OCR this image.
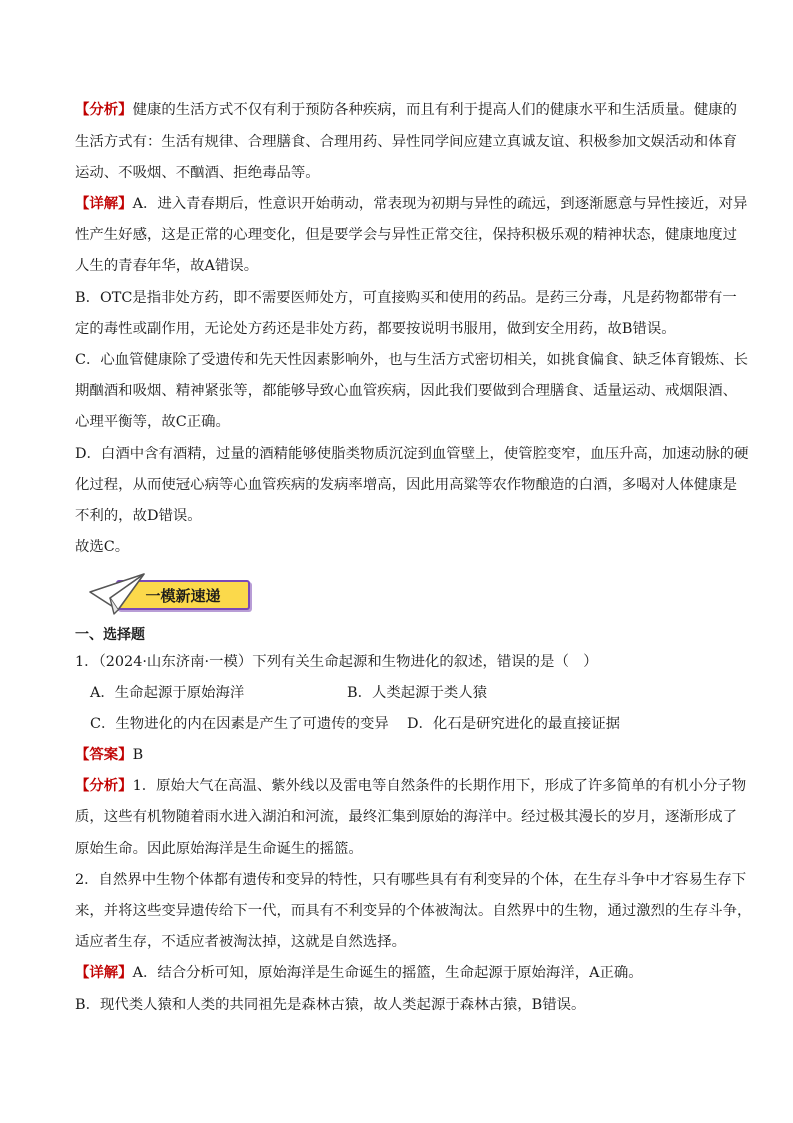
【分析】健康的生活方式不仅有利于预防各种疾病，而且有利于提高人们的健康水平和生活质量。健康的
生活方式有：生活有规律、合理膳食、合理用药、异性同学间应建立真诚友谊、积极参加文娱活动和体育
运动、不吸烟、不酗酒、拒绝毒品等。
【详解】A．进入青春期后，性意识开始萌动，常表现为初期与异性的疏远，到逐渐愿意与异性接近，对异
性产生好感，这是正常的心理变化，但是要学会与异性正常交往，保持积极乐观的精神状态，健康地度过
人生的青春年华，故A错误。
B．OTC是指非处方药，即不需要医师处方，可直接购买和使用的药品。是药三分毒，凡是药物都带有一
定的毒性或副作用，无论处方药还是非处方药，都要按说明书服用，做到安全用药，故B错误。
C．心血管健康除了受遗传和先天性因素影响外，也与生活方式密切相关，如挑食偏食、缺乏体育锻炼、长
期酗酒和吸烟、精神紧张等，都能够导致心血管疾病，因此我们要做到合理膳食、适量运动、戒烟限酒、
心理平衡等，故C正确。
D．白酒中含有酒精，过量的酒精能够使脂类物质沉淀到血管壁上，使管腔变窄，血压升高，加速动脉的硬
化过程，从而使冠心病等心血管疾病的发病率增高，因此用高粱等农作物酿造的白酒，多喝对人体健康是
不利的，故D错误。
故选C。
一模新速递
一、选择题
1．（2024·山东济南·一模）下列有关生命起源和生物进化的叙述，错误的是（　）
A．生命起源于原始海洋	B．人类起源于类人猿
C．生物进化的内在因素是产生了可遗传的变异 D．化石是研究进化的最直接证据
【答案】B
【分析】1．原始大气在高温、紫外线以及雷电等自然条件的长期作用下，形成了许多简单的有机小分子物
质，这些有机物随着雨水进入湖泊和河流，最终汇集到原始的海洋中。经过极其漫长的岁月，逐渐形成了
原始生命。因此原始海洋是生命诞生的摇篮。
2．自然界中生物个体都有遗传和变异的特性，只有哪些具有有利变异的个体，在生存斗争中才容易生存下
来，并将这些变异遗传给下一代，而具有不利变异的个体被淘汰。自然界中的生物，通过激烈的生存斗争，
适应者生存，不适应者被淘汰掉，这就是自然选择。
【详解】A．结合分析可知，原始海洋是生命诞生的摇篮，生命起源于原始海洋，A正确。
B．现代类人猿和人类的共同祖先是森林古猿，故人类起源于森林古猿，B错误。
